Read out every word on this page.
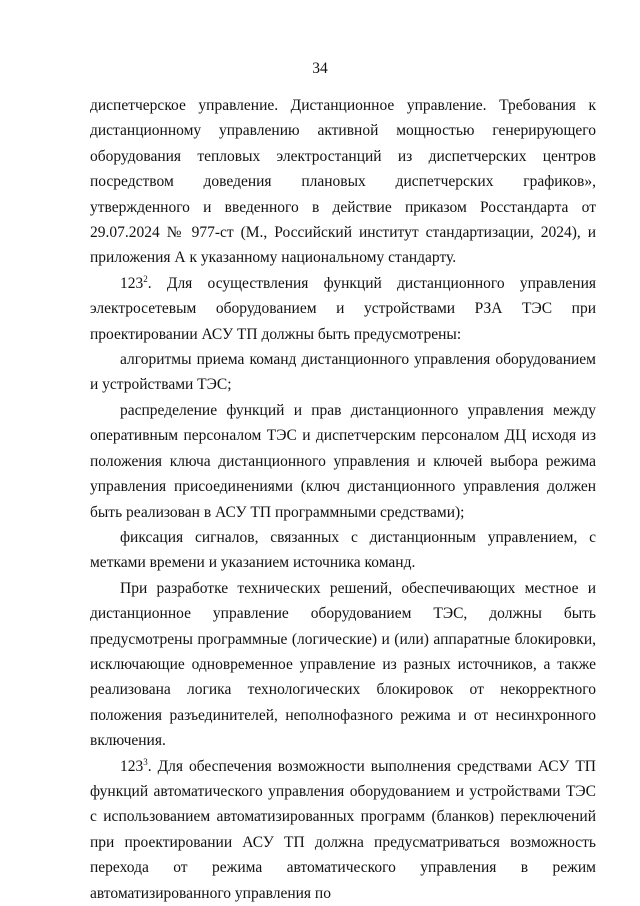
34

диспетчерское управление. Дистанционное управление. Требования к дистанционному управлению активной мощностью генерирующего оборудования тепловых электростанций из диспетчерских центров посредством доведения плановых диспетчерских графиков», утвержденного и введенного в действие приказом Росстандарта от 29.07.2024 № 977-ст (М., Российский институт стандартизации, 2024), и приложения А к указанному национальному стандарту.

$123^2$. Для осуществления функций дистанционного управления электросетевым оборудованием и устройствами РЗА ТЭС при проектировании АСУ ТП должны быть предусмотрены:

алгоритмы приема команд дистанционного управления оборудованием и устройствами ТЭС;

распределение функций и прав дистанционного управления между оперативным персоналом ТЭС и диспетчерским персоналом ДЦ исходя из положения ключа дистанционного управления и ключей выбора режима управления присоединениями (ключ дистанционного управления должен быть реализован в АСУ ТП программными средствами);

фиксация сигналов, связанных с дистанционным управлением, с метками времени и указанием источника команд.

При разработке технических решений, обеспечивающих местное и дистанционное управление оборудованием ТЭС, должны быть предусмотрены программные (логические) и (или) аппаратные блокировки, исключающие одновременное управление из разных источников, а также реализована логика технологических блокировок от некорректного положения разъединителей, неполнофазного режима и от несинхронного включения.

$123^3$. Для обеспечения возможности выполнения средствами АСУ ТП функций автоматического управления оборудованием и устройствами ТЭС с использованием автоматизированных программ (бланков) переключений при проектировании АСУ ТП должна предусматриваться возможность перехода от режима автоматического управления в режим автоматизированного управления по
